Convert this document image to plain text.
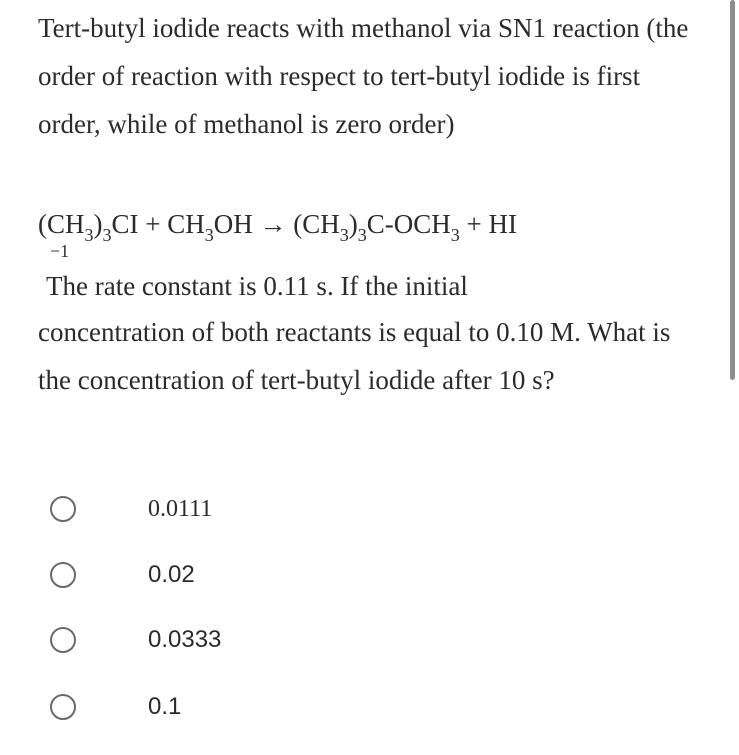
Tert-butyl iodide reacts with methanol via SN1 reaction (the order of reaction with respect to tert-butyl iodide is first order, while of methanol is zero order)

$(CH_3)_3CI + CH_3OH \to (CH_3)_3C-OCH_3$ + HI
The rate constant is 0.11 s
−1
. If the initial
concentration of both reactants is equal to 0.10 M. What is the concentration of tert-butyl iodide after 10 s?
0.0111
0.02
0.0333
0.1
